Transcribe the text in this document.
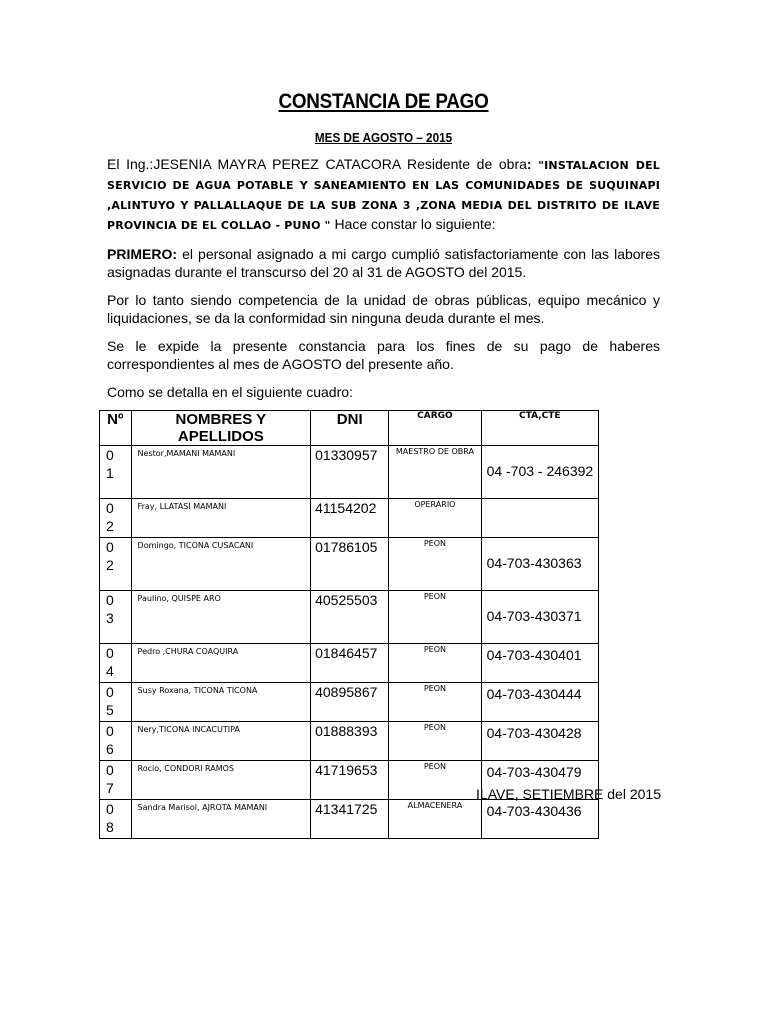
CONSTANCIA DE PAGO
MES DE AGOSTO – 2015

El Ing.:JESENIA MAYRA PEREZ CATACORA Residente de obra: "INSTALACION DEL SERVICIO DE AGUA POTABLE Y SANEAMIENTO EN LAS COMUNIDADES DE SUQUINAPI ,ALINTUYO Y PALLALLAQUE DE LA SUB ZONA 3 ,ZONA MEDIA DEL DISTRITO DE ILAVE PROVINCIA DE EL COLLAO - PUNO " Hace constar lo siguiente:

PRIMERO: el personal asignado a mi cargo cumplió satisfactoriamente con las labores asignadas durante el transcurso del 20 al 31 de AGOSTO del 2015.

Por lo tanto siendo competencia de la unidad de obras públicas, equipo mecánico y liquidaciones, se da la conformidad sin ninguna deuda durante el mes.

Se le expide la presente constancia para los fines de su pago de haberes correspondientes al mes de AGOSTO del presente año.

Como se detalla en el siguiente cuadro:

Nº	NOMBRES Y APELLIDOS	DNI	CARGO	CTA,CTE

0
1	Nestor,MAMANI MAMANI	01330957	MAESTRO DE OBRA	04 -703 - 246392

0
2	Fray, LLATASI MAMANI	41154202	OPERARIO	

0
2	Domingo, TICONA CUSACANI	01786105	PEON	04-703-430363

0
3	Paulino, QUISPE ARO	40525503	PEON	04-703-430371

0
4	Pedro ,CHURA COAQUIRA	01846457	PEON	04-703-430401

0
5	Susy Roxana, TICONA TICONA	40895867	PEON	04-703-430444

0
6	Nery,TICONA INCACUTIPA	01888393	PEON	04-703-430428

0
7	Rocio, CONDORI RAMOS	41719653	PEON	04-703-430479

0
8	Sandra Marisol, AJROTA MAMANI	41341725	ALMACENERA	04-703-430436
ILAVE, SETIEMBRE del 2015
